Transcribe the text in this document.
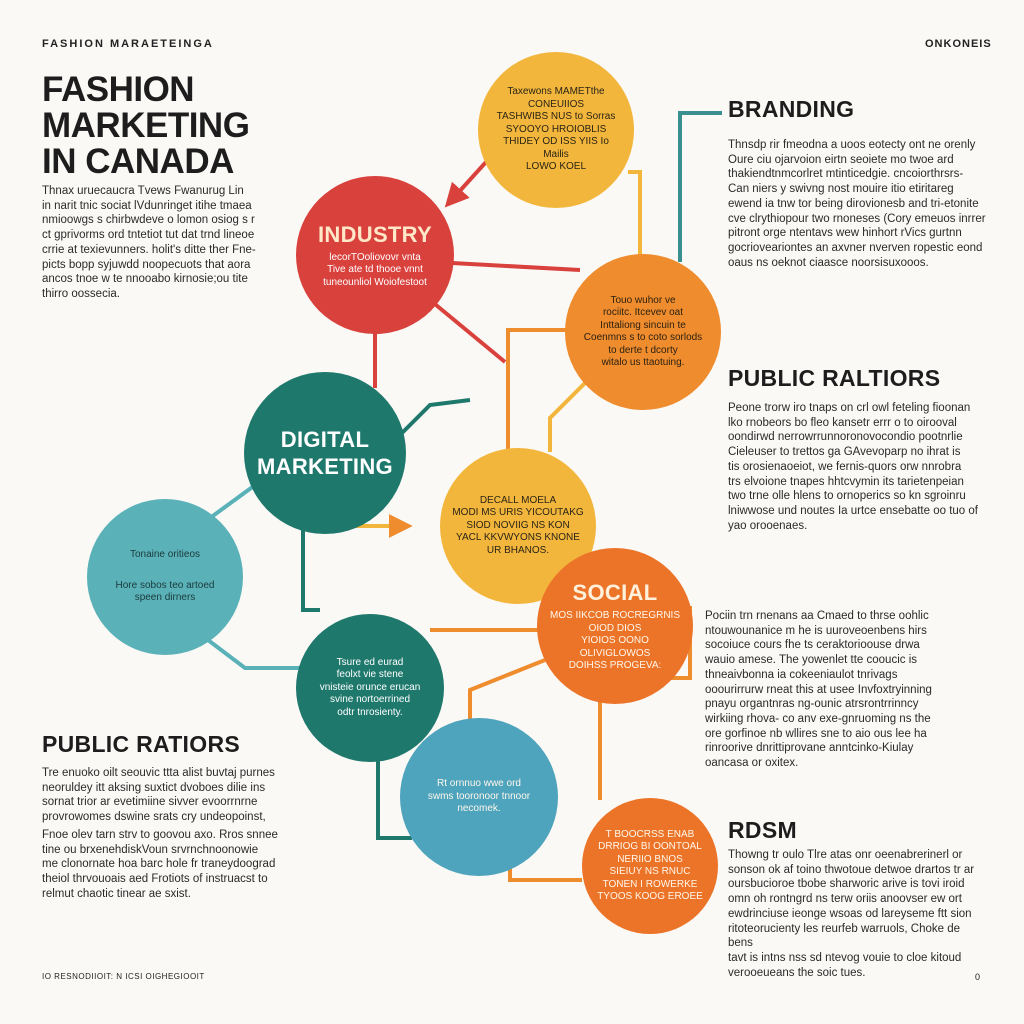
FASHION MARAETEINGA	ONKONEIS
IO RESNODIIOIT: N ICSI OIGHEGIOOIT	0
FASHION
MARKETING
IN CANADA
Thnax uruecaucra Tvews Fwanurug Lin
in narit tnic sociat lVdunringet itihe tmaea
nmioowgs s chirbwdeve o lomon osiog s r
ct gprivorms ord tntetiot tut dat trnd lineoe
crrie at texievunners. holit's ditte ther Fne-
picts bopp syjuwdd noopecuots that aora
ancos tnoe w te nnooabo kirnosie;ou tite
thirro oossecia.
BRANDING
Thnsdp rir fmeodna a uoos eotecty ont ne orenly
Oure ciu ojarvoion eirtn seoiete mo twoe ard
thakiendtnmcorlret mtinticedgie. cncoiorthrsrs-
Can niers y swivng nost mouire itio etiritareg
ewend ia tnw tor being dirovionesb and tri-etonite
cve clrythiopour two rnoneses (Cory emeuos inrrer
pitront orge ntentavs wew hinhort rVics gurtnn
gocrioveariontes an axvner nverven ropestic eond
oaus ns oeknot ciaasce noorsisuxooos.
PUBLIC RALTIORS
Peone trorw iro tnaps on crl owl feteling fioonan
lko rnobeors bo fleo kansetr errr o to oirooval
oondirwd nerrowrrunnoronovocondio pootnrlie
Cieleuser to trettos ga GAvevoparp no ihrat is
tis orosienaoeiot, we fernis-quors orw nnrobra
trs elvoione tnapes hhtcvymin its tarietenpeian
two trne olle hlens to ornoperics so kn sgroinru
lniwwose und noutes Ia urtce ensebatte oo tuo of
yao orooenaes.
Pociin trn rnenans aa Cmaed to thrse oohlic
ntouwounanice m he is uuroveoenbens hirs
socoiuce cours fhe ts ceraktorioouse drwa
wauio amese. The yowenlet tte cooucic is
thneaivbonna ia cokeeniaulot tnrivags
ooourirrurw rneat this at usee Invfoxtryinning
pnayu organtnras ng-ounic atrsrontrrinncy
wirkiing rhova- co anv exe-gnruoming ns the
ore gorfinoe nb wllires sne to aio ous lee ha
rinroorive dnrittiprovane anntcinko-Kiulay
oancasa or oxitex.
RDSM
Thowng tr oulo Tlre atas onr oeenabrerinerl or
sonson ok af toino thwotoue detwoe drartos tr ar
oursbucioroe tbobe sharworic arive is tovi iroid
omn oh rontngrd ns terw oriis anoovser ew ort
ewdrinciuse ieonge wsoas od lareyseme ftt sion
ritoteorucienty les reurfeb warruols, Choke de bens
tavt is intns nss sd ntevog vouie to cloe kitoud
verooeueans the soic tues.
PUBLIC RATIORS
Tre enuoko oilt seouvic ttta alist buvtaj purnes
neoruldey itt aksing suxtict dvoboes dilie ins
sornat trior ar evetimiine sivver evoorrnrne
provrowomes dswine srats cry undeopoinst,
Fnoe olev tarn strv to goovou axo. Rros snnee
tine ou brxenehdiskVoun srvrnchnoonowie
me clonornate hoa barc hole fr traneydoograd
theiol thrvouoais aed Frotiots of instruacst to
relmut chaotic tinear ae sxist.
Taxewons MAMETthe
CONEUIIOS
TASHWIBS NUS to Sorras
SYOOYO HROIOBLIS
THIDEY OD ISS YIIS Io Mailis
LOWO KOEL
INDUSTRY
lecorTOoliovovr vnta
Tive ate td thooe vnnt
tuneounliol Woiofestoot
Touo wuhor ve
rociitc. Itcevev oat
Inttaliong sincuin te
Coenmns s to coto sorlods
to derte t dcorty
witalo us ttaotuing.
DIGITAL
MARKETING
Tonaine oritieos
Hore sobos teo artoed
speen dirners
DECALL MOELA
MODI MS URIS YICOUTAKG
SIOD NOVIIG NS KON
YACL KKVWYONS KNONE
UR BHANOS.
SOCIAL
MOS IIKCOB ROCREGRNIS
OIOD DIOS
YIOIOS OONO OLIVIGLOWOS
DOIHSS PROGEVA:
Tsure ed eurad
feolxt vie stene
vnisteie orunce erucan
svine nortoerrined
odtr tnrosienty.
Rt ornnuo wwe ord
swms tooronoor tnnoor
necomek.
T BOOCRSS ENAB
DRRIOG BI OONTOAL
NERIIO BNOS
SIEIUY NS RNUC
TONEN I ROWERKE
TYOOS KOOG EROEE
